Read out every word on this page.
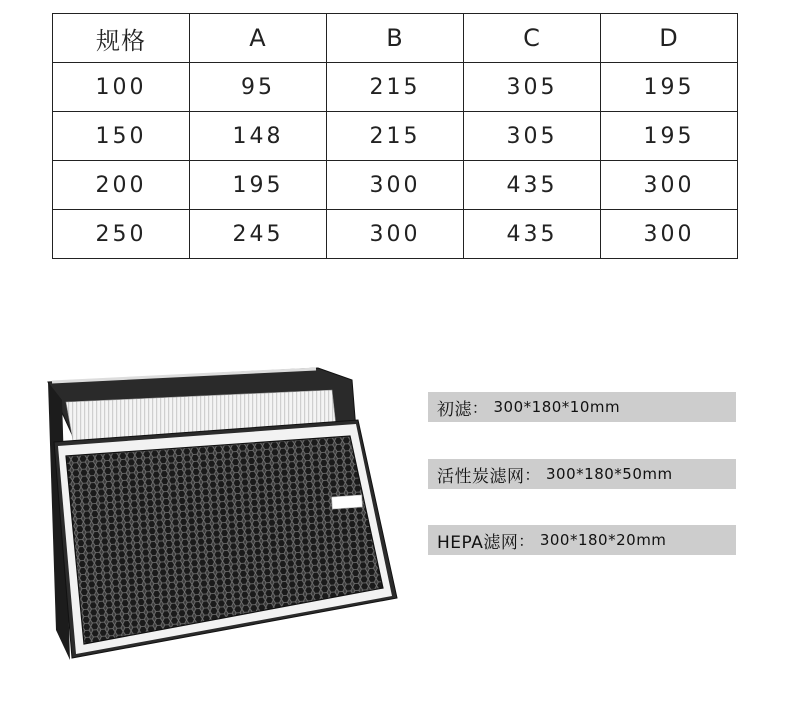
规格	A	B	C	D
100	95	215	305	195
150	148	215	305	195
200	195	300	435	300
250	245	300	435	300
初滤 ： 300*180*10mm
活性炭滤网 ： 300*180*50mm
HEPA滤网 ： 300*180*20mm
